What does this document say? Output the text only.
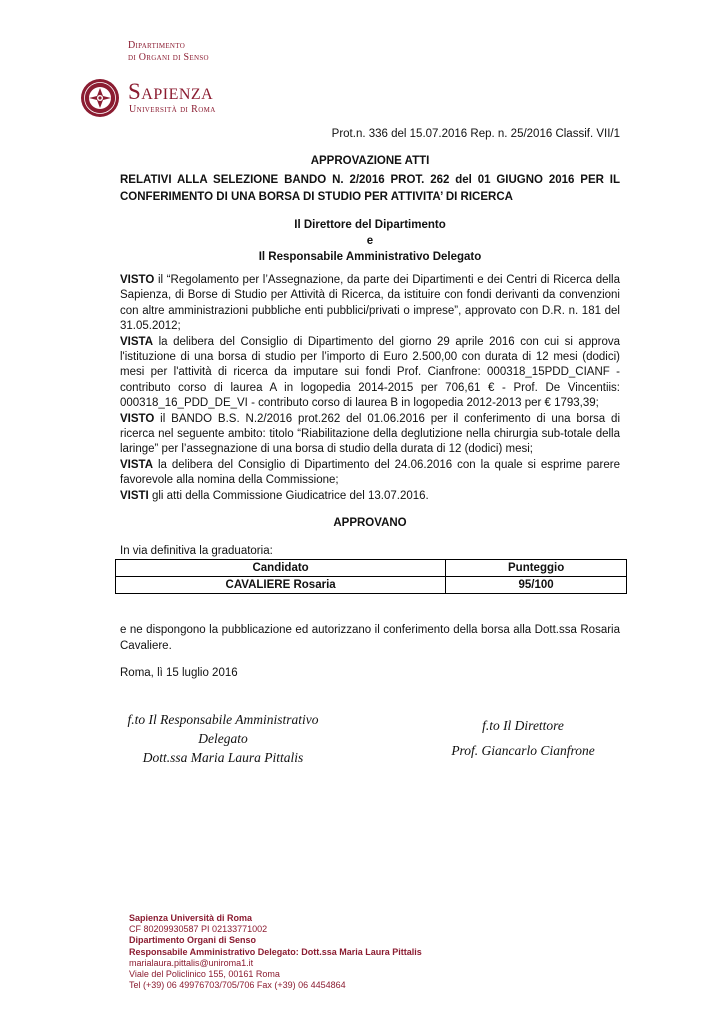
Dipartimento
di Organi di Senso
Sapienza
Università di Roma
Prot.n. 336 del 15.07.2016 Rep. n. 25/2016 Classif. VII/1
APPROVAZIONE ATTI
RELATIVI ALLA SELEZIONE BANDO N. 2/2016 PROT. 262 del 01 GIUGNO 2016 PER IL CONFERIMENTO DI UNA BORSA DI STUDIO PER ATTIVITA’ DI RICERCA
Il Direttore del Dipartimento
e
Il Responsabile Amministrativo Delegato

VISTO il “Regolamento per l’Assegnazione, da parte dei Dipartimenti e dei Centri di Ricerca della Sapienza, di Borse di Studio per Attività di Ricerca, da istituire con fondi derivanti da convenzioni con altre amministrazioni pubbliche enti pubblici/privati o imprese”, approvato con D.R. n. 181 del 31.05.2012;

VISTA la delibera del Consiglio di Dipartimento del giorno 29 aprile 2016 con cui si approva l'istituzione di una borsa di studio per l’importo di Euro 2.500,00 con durata di 12 mesi (dodici) mesi per l'attività di ricerca da imputare sui fondi Prof. Cianfrone: 000318_15PDD_CIANF - contributo corso di laurea A in logopedia 2014-2015 per 706,61 € - Prof. De Vincentiis: 000318_16_PDD_DE_VI - contributo corso di laurea B in logopedia 2012-2013 per € 1793,39;

VISTO il BANDO B.S. N.2/2016 prot.262 del 01.06.2016 per il conferimento di una borsa di ricerca nel seguente ambito: titolo “Riabilitazione della deglutizione nella chirurgia sub-totale della laringe” per l’assegnazione di una borsa di studio della durata di 12 (dodici) mesi;

VISTA la delibera del Consiglio di Dipartimento del 24.06.2016 con la quale si esprime parere favorevole alla nomina della Commissione;

VISTI gli atti della Commissione Giudicatrice del 13.07.2016.

APPROVANO
In via definitiva la graduatoria:
Candidato	Punteggio
CAVALIERE Rosaria	95/100
e ne dispongono la pubblicazione ed autorizzano il conferimento della borsa alla Dott.ssa Rosaria Cavaliere.
Roma, lì 15 luglio 2016
f.to Il Responsabile Amministrativo
Delegato
Dott.ssa Maria Laura Pittalis
f.to Il Direttore
Prof. Giancarlo Cianfrone
Sapienza Università di Roma
CF 80209930587 PI 02133771002
Dipartimento Organi di Senso
Responsabile Amministrativo Delegato: Dott.ssa Maria Laura Pittalis
marialaura.pittalis@uniroma1.it
Viale del Policlinico 155, 00161 Roma
Tel (+39) 06 49976703/705/706 Fax (+39) 06 4454864
